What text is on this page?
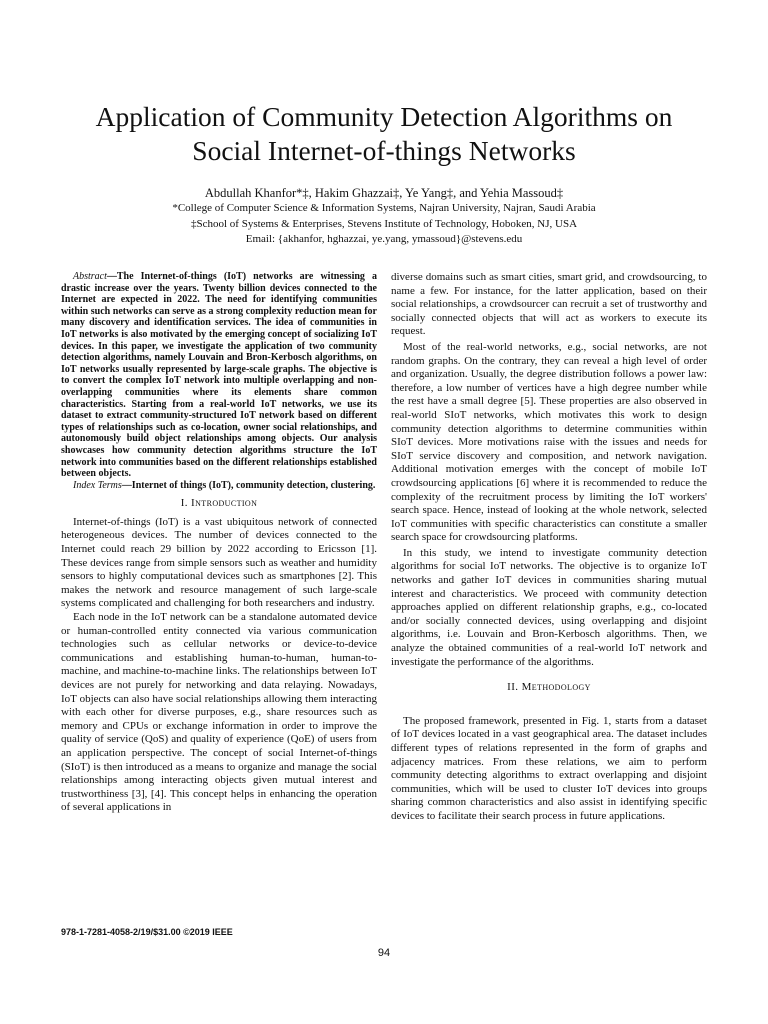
Application of Community Detection Algorithms on
Social Internet-of-things Networks
Abdullah Khanfor*‡, Hakim Ghazzai‡, Ye Yang‡, and Yehia Massoud‡
*College of Computer Science & Information Systems, Najran University, Najran, Saudi Arabia
‡School of Systems & Enterprises, Stevens Institute of Technology, Hoboken, NJ, USA
Email: {akhanfor, hghazzai, ye.yang, ymassoud}@stevens.edu

Abstract—The Internet-of-things (IoT) networks are witnessing a drastic increase over the years. Twenty billion devices connected to the Internet are expected in 2022. The need for identifying communities within such networks can serve as a strong complexity reduction mean for many discovery and identification services. The idea of communities in IoT networks is also motivated by the emerging concept of socializing IoT devices. In this paper, we investigate the application of two community detection algorithms, namely Louvain and Bron-Kerbosch algorithms, on IoT networks usually represented by large-scale graphs. The objective is to convert the complex IoT network into multiple overlapping and non-overlapping communities where its elements share common characteristics. Starting from a real-world IoT networks, we use its dataset to extract community-structured IoT network based on different types of relationships such as co-location, owner social relationships, and autonomously build object relationships among objects. Our analysis showcases how community detection algorithms structure the IoT network into communities based on the different relationships established between objects.

Index Terms—Internet of things (IoT), community detection, clustering.

I. Introduction

Internet-of-things (IoT) is a vast ubiquitous network of connected heterogeneous devices. The number of devices connected to the Internet could reach 29 billion by 2022 according to Ericsson [1]. These devices range from simple sensors such as weather and humidity sensors to highly computational devices such as smartphones [2]. This makes the network and resource management of such large-scale systems complicated and challenging for both researchers and industry.

Each node in the IoT network can be a standalone automated device or human-controlled entity connected via various communication technologies such as cellular networks or device-to-device communications and establishing human-to-human, human-to-machine, and machine-to-machine links. The relationships between IoT devices are not purely for networking and data relaying. Nowadays, IoT objects can also have social relationships allowing them interacting with each other for diverse purposes, e.g., share resources such as memory and CPUs or exchange information in order to improve the quality of service (QoS) and quality of experience (QoE) of users from an application perspective. The concept of social Internet-of-things (SIoT) is then introduced as a means to organize and manage the social relationships among interacting objects given mutual interest and trustworthiness [3], [4]. This concept helps in enhancing the operation of several applications in

diverse domains such as smart cities, smart grid, and crowdsourcing, to name a few. For instance, for the latter application, based on their social relationships, a crowdsourcer can recruit a set of trustworthy and socially connected objects that will act as workers to execute its request.

Most of the real-world networks, e.g., social networks, are not random graphs. On the contrary, they can reveal a high level of order and organization. Usually, the degree distribution follows a power law: therefore, a low number of vertices have a high degree number while the rest have a small degree [5]. These properties are also observed in real-world SIoT networks, which motivates this work to design community detection algorithms to determine communities within SIoT devices. More motivations raise with the issues and needs for SIoT service discovery and composition, and network navigation. Additional motivation emerges with the concept of mobile IoT crowdsourcing applications [6] where it is recommended to reduce the complexity of the recruitment process by limiting the IoT workers' search space. Hence, instead of looking at the whole network, selected IoT communities with specific characteristics can constitute a smaller search space for crowdsourcing platforms.

In this study, we intend to investigate community detection algorithms for social IoT networks. The objective is to organize IoT networks and gather IoT devices in communities sharing mutual interest and characteristics. We proceed with community detection approaches applied on different relationship graphs, e.g., co-located and/or socially connected devices, using overlapping and disjoint algorithms, i.e. Louvain and Bron-Kerbosch algorithms. Then, we analyze the obtained communities of a real-world IoT network and investigate the performance of the algorithms.

II. Methodology

The proposed framework, presented in Fig. 1, starts from a dataset of IoT devices located in a vast geographical area. The dataset includes different types of relations represented in the form of graphs and adjacency matrices. From these relations, we aim to perform community detecting algorithms to extract overlapping and disjoint communities, which will be used to cluster IoT devices into groups sharing common characteristics and also assist in identifying specific devices to facilitate their search process in future applications.

978-1-7281-4058-2/19/$31.00 ©2019 IEEE
94
